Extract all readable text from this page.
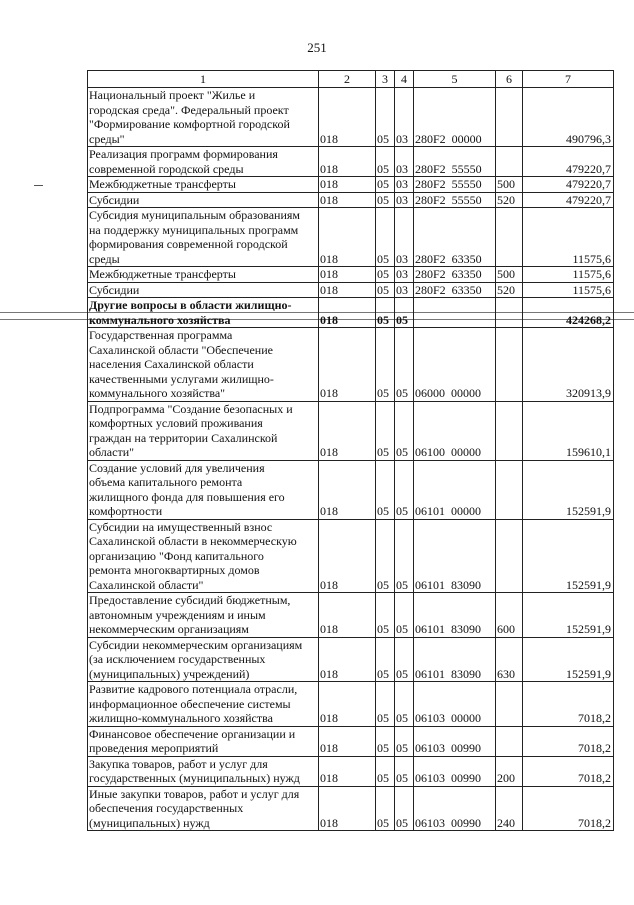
251
1	2	3	4	5	6	7

Национальный проект "Жилье и
городская среда". Федеральный проект
"Формирование комфортной городской
среды"	018	05	03	280F2  00000		490796,3

Реализация программ формирования
современной городской среды	018	05	03	280F2  55550		479220,7

Межбюджетные трансферты	018	05	03	280F2  55550	500	479220,7

Субсидии	018	05	03	280F2  55550	520	479220,7

Субсидия муниципальным образованиям
на поддержку муниципальных программ
формирования современной городской
среды	018	05	03	280F2  63350		11575,6

Межбюджетные трансферты	018	05	03	280F2  63350	500	11575,6

Субсидии	018	05	03	280F2  63350	520	11575,6

Другие вопросы в области жилищно-
коммунального хозяйства	018	05	05			424268,2

Государственная программа
Сахалинской области "Обеспечение
населения Сахалинской области
качественными услугами жилищно-
коммунального хозяйства"	018	05	05	06000  00000		320913,9

Подпрограмма "Создание безопасных и
комфортных условий проживания
граждан на территории Сахалинской
области"	018	05	05	06100  00000		159610,1

Создание условий для увеличения
объема капитального ремонта
жилищного фонда для повышения его
комфортности	018	05	05	06101  00000		152591,9

Субсидии на имущественный взнос
Сахалинской области в некоммерческую
организацию "Фонд капитального
ремонта многоквартирных домов
Сахалинской области"	018	05	05	06101  83090		152591,9

Предоставление субсидий бюджетным,
автономным учреждениям и иным
некоммерческим организациям	018	05	05	06101  83090	600	152591,9

Субсидии некоммерческим организациям
(за исключением государственных
(муниципальных) учреждений)	018	05	05	06101  83090	630	152591,9

Развитие кадрового потенциала отрасли,
информационное обеспечение системы
жилищно-коммунального хозяйства	018	05	05	06103  00000		7018,2

Финансовое обеспечение организации и
проведения мероприятий	018	05	05	06103  00990		7018,2

Закупка товаров, работ и услуг для
государственных (муниципальных) нужд	018	05	05	06103  00990	200	7018,2

Иные закупки товаров, работ и услуг для
обеспечения государственных
(муниципальных) нужд	018	05	05	06103  00990	240	7018,2
